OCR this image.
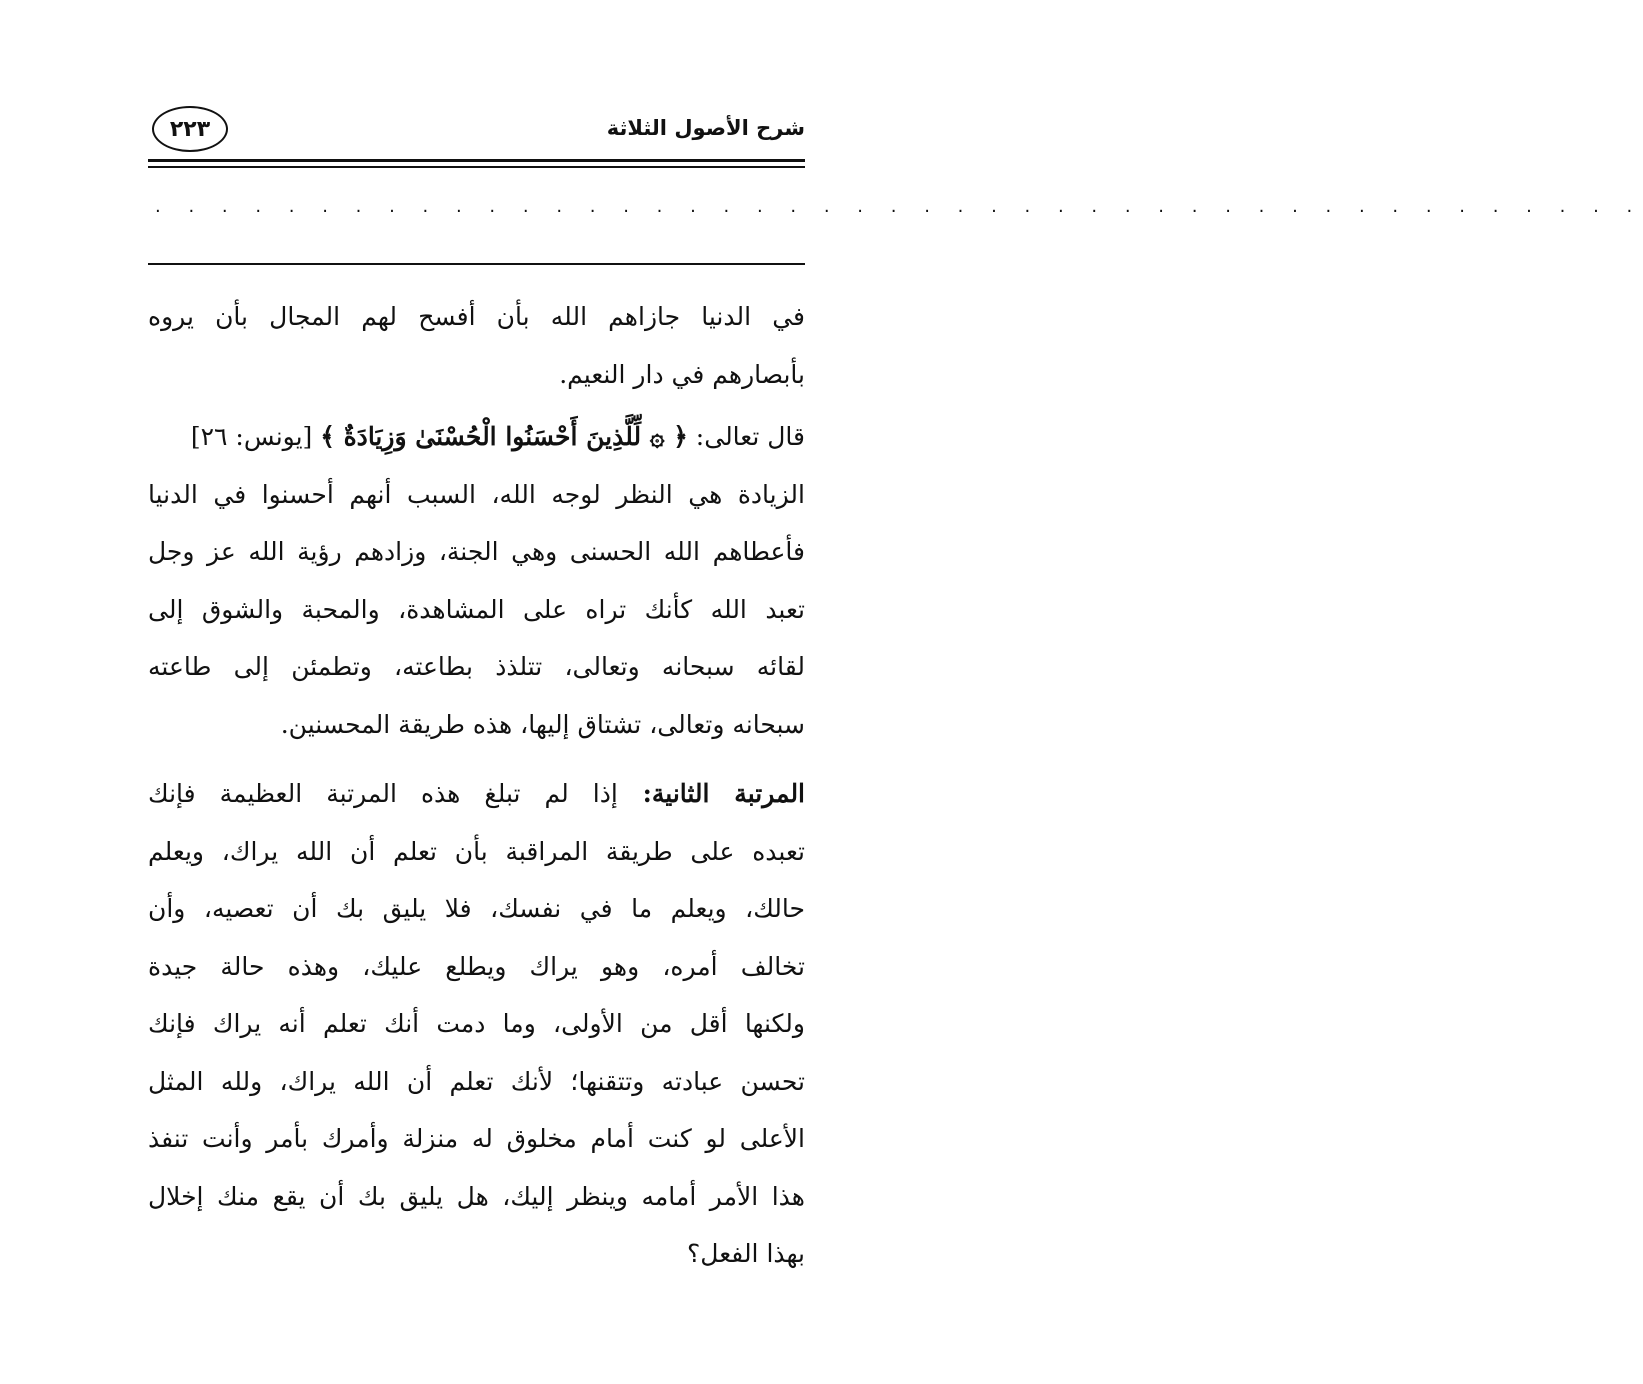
شرح الأصول الثلاثة
٢٢٣
. . . . . . . . . . . . . . . . . . . . . . . . . . . . . . . . . . . . . . . . . . . . .
في الدنيا جازاهم الله بأن أفسح لهم المجال بأن يروه
بأبصارهم في دار النعيم.
قال تعالى: ﴿ ۞ لِّلَّذِينَ أَحْسَنُوا الْحُسْنَىٰ وَزِيَادَةٌ ﴾ [يونس: ٢٦]
الزيادة هي النظر لوجه الله، السبب أنهم أحسنوا في الدنيا
فأعطاهم الله الحسنى وهي الجنة، وزادهم رؤية الله عز وجل
تعبد الله كأنك تراه على المشاهدة، والمحبة والشوق إلى
لقائه سبحانه وتعالى، تتلذذ بطاعته، وتطمئن إلى طاعته
سبحانه وتعالى، تشتاق إليها، هذه طريقة المحسنين.
المرتبة الثانية: إذا لم تبلغ هذه المرتبة العظيمة فإنك
تعبده على طريقة المراقبة بأن تعلم أن الله يراك، ويعلم
حالك، ويعلم ما في نفسك، فلا يليق بك أن تعصيه، وأن
تخالف أمره، وهو يراك ويطلع عليك، وهذه حالة جيدة
ولكنها أقل من الأولى، وما دمت أنك تعلم أنه يراك فإنك
تحسن عبادته وتتقنها؛ لأنك تعلم أن الله يراك، ولله المثل
الأعلى لو كنت أمام مخلوق له منزلة وأمرك بأمر وأنت تنفذ
هذا الأمر أمامه وينظر إليك، هل يليق بك أن يقع منك إخلال
بهذا الفعل؟
